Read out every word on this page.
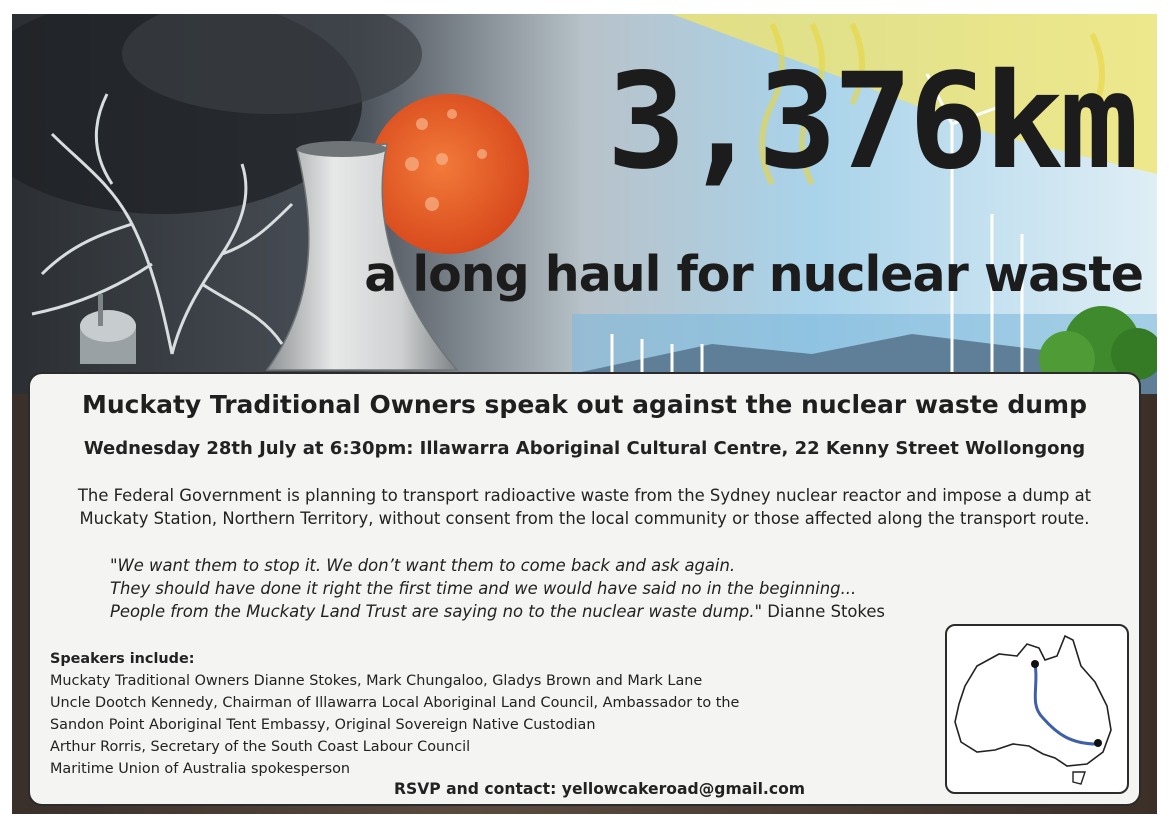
3,376km
a long haul for nuclear waste
Muckaty Traditional Owners speak out against the nuclear waste dump
Wednesday 28th July at 6:30pm: Illawarra Aboriginal Cultural Centre, 22 Kenny Street Wollongong
The Federal Government is planning to transport radioactive waste from the Sydney nuclear reactor and impose a dump at Muckaty Station, Northern Territory, without consent from the local community or those affected along the transport route.
"We want them to stop it. We don’t want them to come back and ask again.
They should have done it right the first time and we would have said no in the beginning...
People from the Muckaty Land Trust are saying no to the nuclear waste dump." Dianne Stokes
Speakers include:
Muckaty Traditional Owners Dianne Stokes, Mark Chungaloo, Gladys Brown and Mark Lane
Uncle Dootch Kennedy, Chairman of Illawarra Local Aboriginal Land Council, Ambassador to the
Sandon Point Aboriginal Tent Embassy, Original Sovereign Native Custodian
Arthur Rorris, Secretary of the South Coast Labour Council
Maritime Union of Australia spokesperson
RSVP and contact: yellowcakeroad@gmail.com
